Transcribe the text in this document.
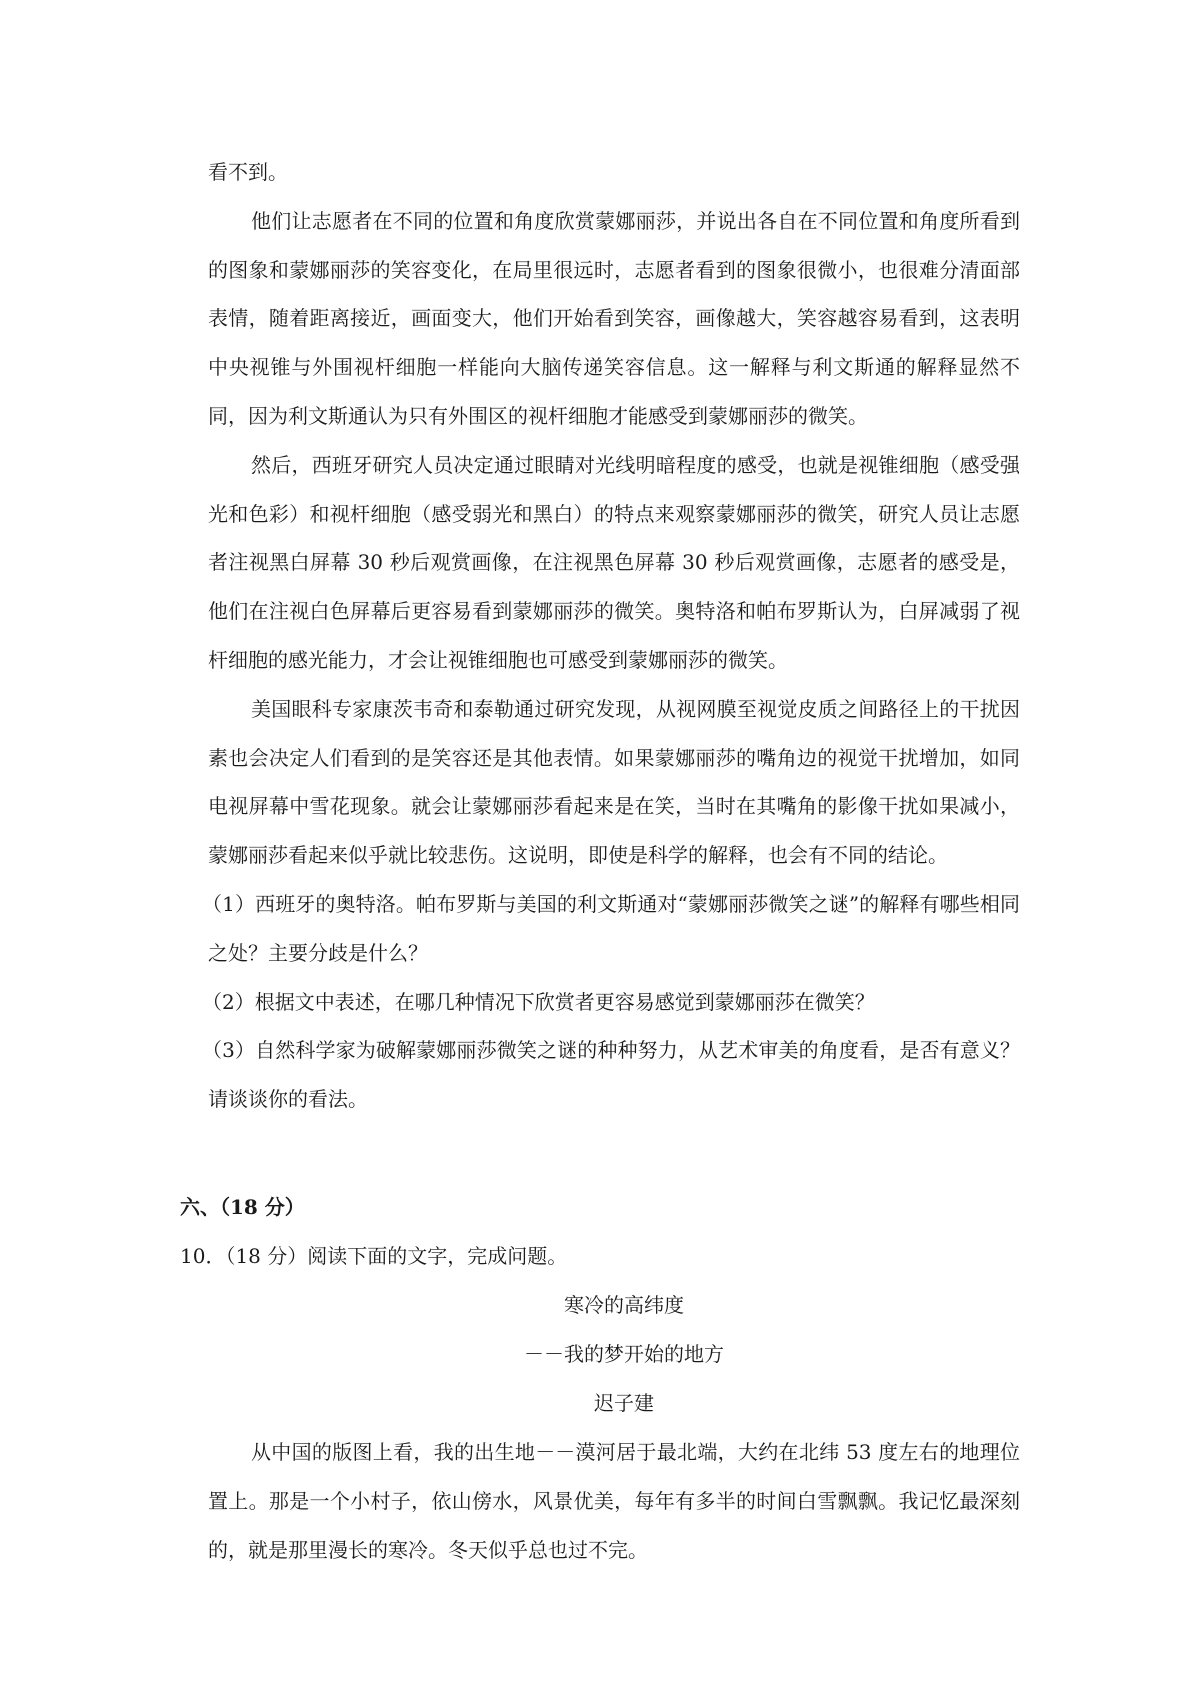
看不到。

他们让志愿者在不同的位置和角度欣赏蒙娜丽莎，并说出各自在不同位置和角度所看到的图象和蒙娜丽莎的笑容变化，在局里很远时，志愿者看到的图象很微小，也很难分清面部表情，随着距离接近，画面变大，他们开始看到笑容，画像越大，笑容越容易看到，这表明中央视锥与外围视杆细胞一样能向大脑传递笑容信息。这一解释与利文斯通的解释显然不同，因为利文斯通认为只有外围区的视杆细胞才能感受到蒙娜丽莎的微笑。

然后，西班牙研究人员决定通过眼睛对光线明暗程度的感受，也就是视锥细胞（感受强光和色彩）和视杆细胞（感受弱光和黑白）的特点来观察蒙娜丽莎的微笑，研究人员让志愿者注视黑白屏幕 30 秒后观赏画像，在注视黑色屏幕 30 秒后观赏画像，志愿者的感受是，他们在注视白色屏幕后更容易看到蒙娜丽莎的微笑。奥特洛和帕布罗斯认为，白屏减弱了视杆细胞的感光能力，才会让视锥细胞也可感受到蒙娜丽莎的微笑。

美国眼科专家康茨韦奇和泰勒通过研究发现，从视网膜至视觉皮质之间路径上的干扰因素也会决定人们看到的是笑容还是其他表情。如果蒙娜丽莎的嘴角边的视觉干扰增加，如同电视屏幕中雪花现象。就会让蒙娜丽莎看起来是在笑，当时在其嘴角的影像干扰如果减小，蒙娜丽莎看起来似乎就比较悲伤。这说明，即使是科学的解释，也会有不同的结论。

（1）西班牙的奥特洛。帕布罗斯与美国的利文斯通对“蒙娜丽莎微笑之谜”的解释有哪些相同之处？主要分歧是什么？

（2）根据文中表述，在哪几种情况下欣赏者更容易感觉到蒙娜丽莎在微笑？

（3）自然科学家为破解蒙娜丽莎微笑之谜的种种努力，从艺术审美的角度看，是否有意义？请谈谈你的看法。

六、（18 分）

10．（18 分）阅读下面的文字，完成问题。

寒冷的高纬度

－－我的梦开始的地方

迟子建

从中国的版图上看，我的出生地－－漠河居于最北端，大约在北纬 53 度左右的地理位置上。那是一个小村子，依山傍水，风景优美，每年有多半的时间白雪飘飘。我记忆最深刻的，就是那里漫长的寒冷。冬天似乎总也过不完。
